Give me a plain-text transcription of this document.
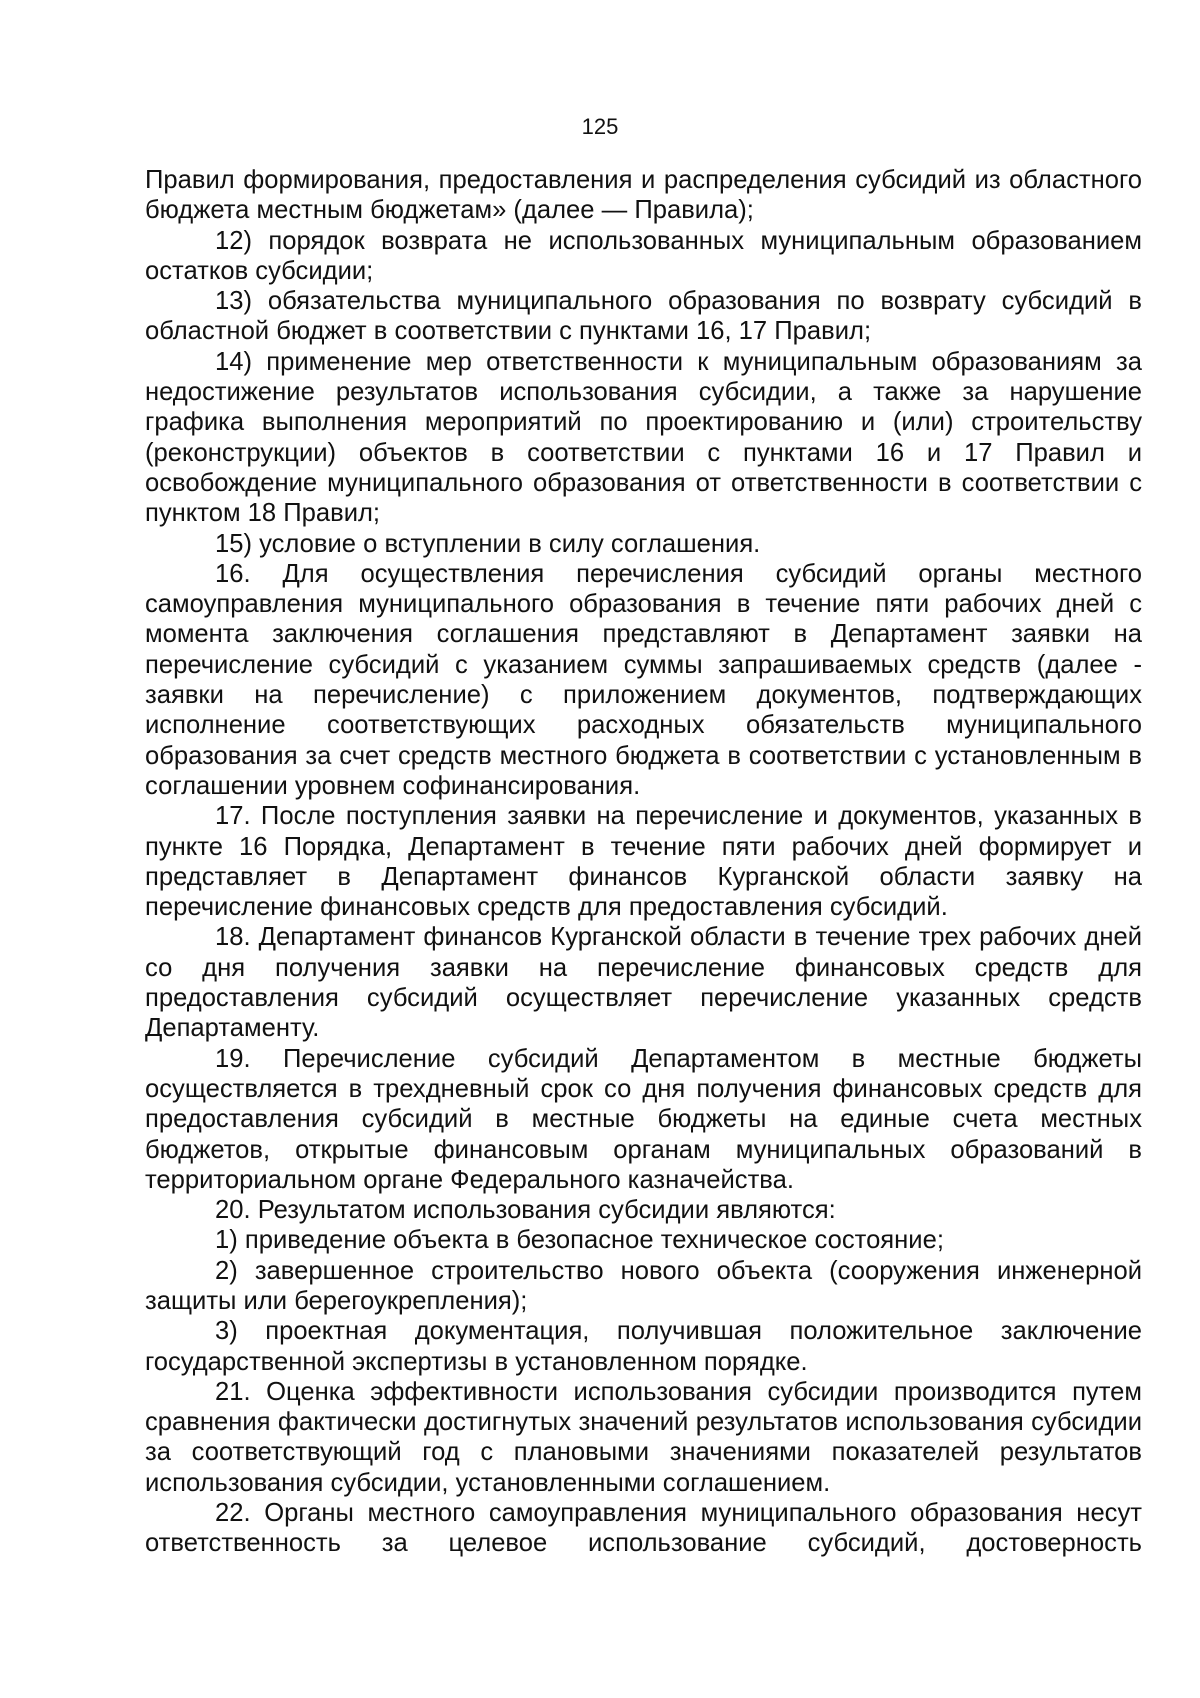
125

Правил формирования, предоставления и распределения субсидий из областного бюджета местным бюджетам» (далее — Правила);

12) порядок возврата не использованных муниципальным образованием остатков субсидии;

13) обязательства муниципального образования по возврату субсидий в областной бюджет в соответствии с пунктами 16, 17 Правил;

14) применение мер ответственности к муниципальным образованиям за недостижение результатов использования субсидии, а также за нарушение графика выполнения мероприятий по проектированию и (или) строительству (реконструкции) объектов в соответствии с пунктами 16 и 17 Правил и освобождение муниципального образования от ответственности в соответствии с пунктом 18 Правил;

15) условие о вступлении в силу соглашения.

16. Для осуществления перечисления субсидий органы местного самоуправления муниципального образования в течение пяти рабочих дней с момента заключения соглашения представляют в Департамент заявки на перечисление субсидий с указанием суммы запрашиваемых средств (далее - заявки на перечисление) с приложением документов, подтверждающих исполнение соответствующих расходных обязательств муниципального образования за счет средств местного бюджета в соответствии с установленным в соглашении уровнем софинансирования.

17. После поступления заявки на перечисление и документов, указанных в пункте 16 Порядка, Департамент в течение пяти рабочих дней формирует и представляет в Департамент финансов Курганской области заявку на перечисление финансовых средств для предоставления субсидий.

18. Департамент финансов Курганской области в течение трех рабочих дней со дня получения заявки на перечисление финансовых средств для предоставления субсидий осуществляет перечисление указанных средств Департаменту.

19. Перечисление субсидий Департаментом в местные бюджеты осуществляется в трехдневный срок со дня получения финансовых средств для предоставления субсидий в местные бюджеты на единые счета местных бюджетов, открытые финансовым органам муниципальных образований в территориальном органе Федерального казначейства.

20. Результатом использования субсидии являются:

1) приведение объекта в безопасное техническое состояние;

2) завершенное строительство нового объекта (сооружения инженерной защиты или берегоукрепления);

3) проектная документация, получившая положительное заключение государственной экспертизы в установленном порядке.

21. Оценка эффективности использования субсидии производится путем сравнения фактически достигнутых значений результатов использования субсидии за соответствующий год с плановыми значениями показателей результатов использования субсидии, установленными соглашением.

22. Органы местного самоуправления муниципального образования несут ответственность за целевое использование субсидий, достоверность
